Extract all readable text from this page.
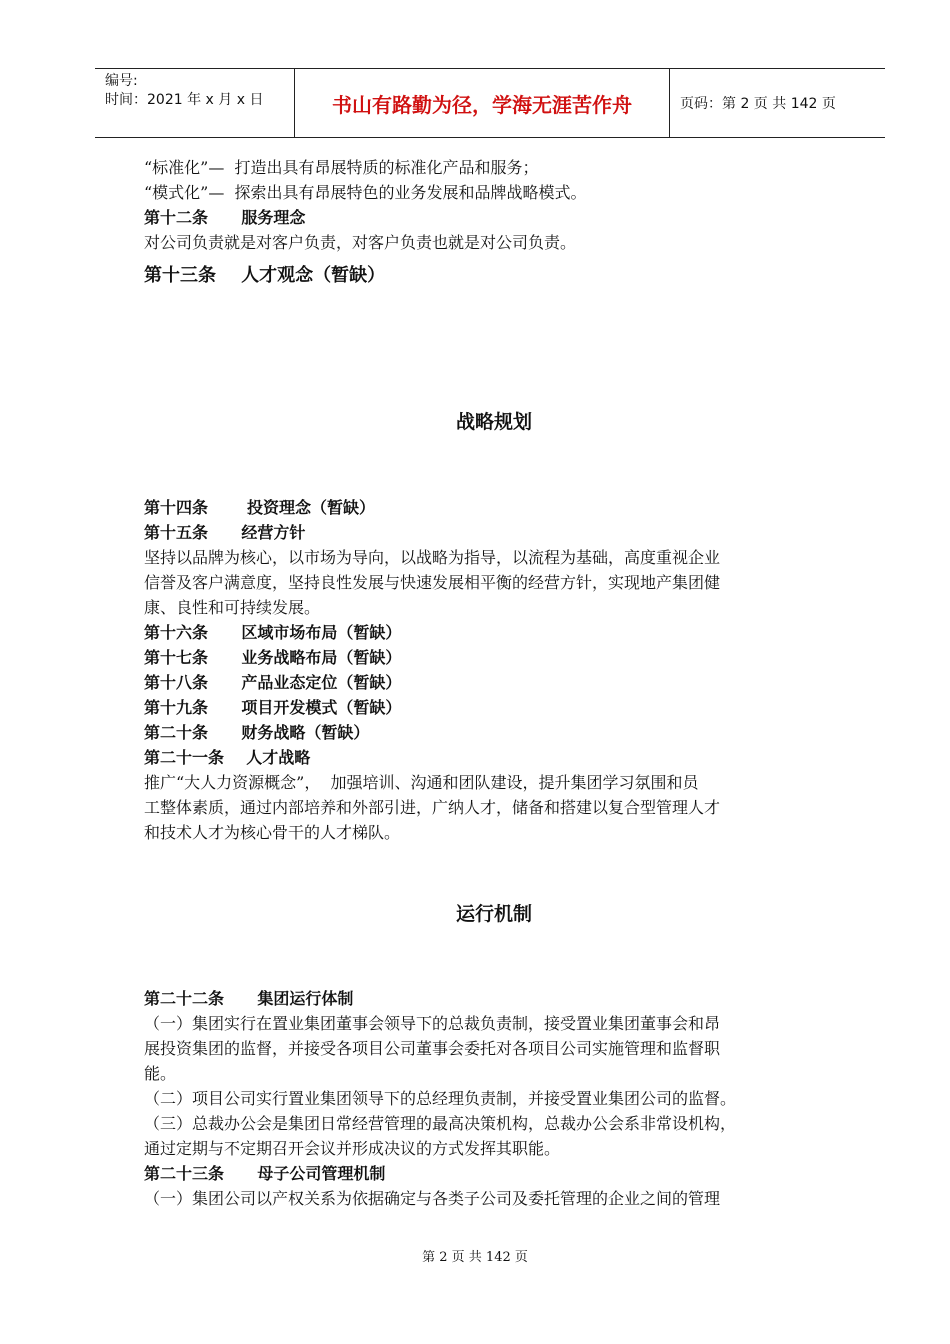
编号:
时间：2021 年 x 月 x 日	书山有路勤为径，学海无涯苦作舟	页码：第 2 页 共 142 页

“标准化”—  打造出具有昂展特质的标准化产品和服务；

“模式化”—  探索出具有昂展特色的业务发展和品牌战略模式。

第十二条      服务理念

对公司负责就是对客户负责，对客户负责也就是对公司负责。

第十三条    人才观念（暂缺）

战略规划

第十四条       投资理念（暂缺）

第十五条      经营方针

坚持以品牌为核心，以市场为导向，以战略为指导，以流程为基础，高度重视企业

信誉及客户满意度，坚持良性发展与快速发展相平衡的经营方针，实现地产集团健

康、良性和可持续发展。

第十六条      区域市场布局（暂缺）

第十七条      业务战略布局（暂缺）

第十八条      产品业态定位（暂缺）

第十九条      项目开发模式（暂缺）

第二十条      财务战略（暂缺）

第二十一条    人才战略

推广“大人力资源概念”，  加强培训、沟通和团队建设，提升集团学习氛围和员

工整体素质，通过内部培养和外部引进，广纳人才，储备和搭建以复合型管理人才

和技术人才为核心骨干的人才梯队。

运行机制

第二十二条      集团运行体制

（一）集团实行在置业集团董事会领导下的总裁负责制，接受置业集团董事会和昂

展投资集团的监督，并接受各项目公司董事会委托对各项目公司实施管理和监督职

能。

（二）项目公司实行置业集团领导下的总经理负责制，并接受置业集团公司的监督。

（三）总裁办公会是集团日常经营管理的最高决策机构，总裁办公会系非常设机构，

通过定期与不定期召开会议并形成决议的方式发挥其职能。

第二十三条      母子公司管理机制

（一）集团公司以产权关系为依据确定与各类子公司及委托管理的企业之间的管理

第 2 页 共 142 页
